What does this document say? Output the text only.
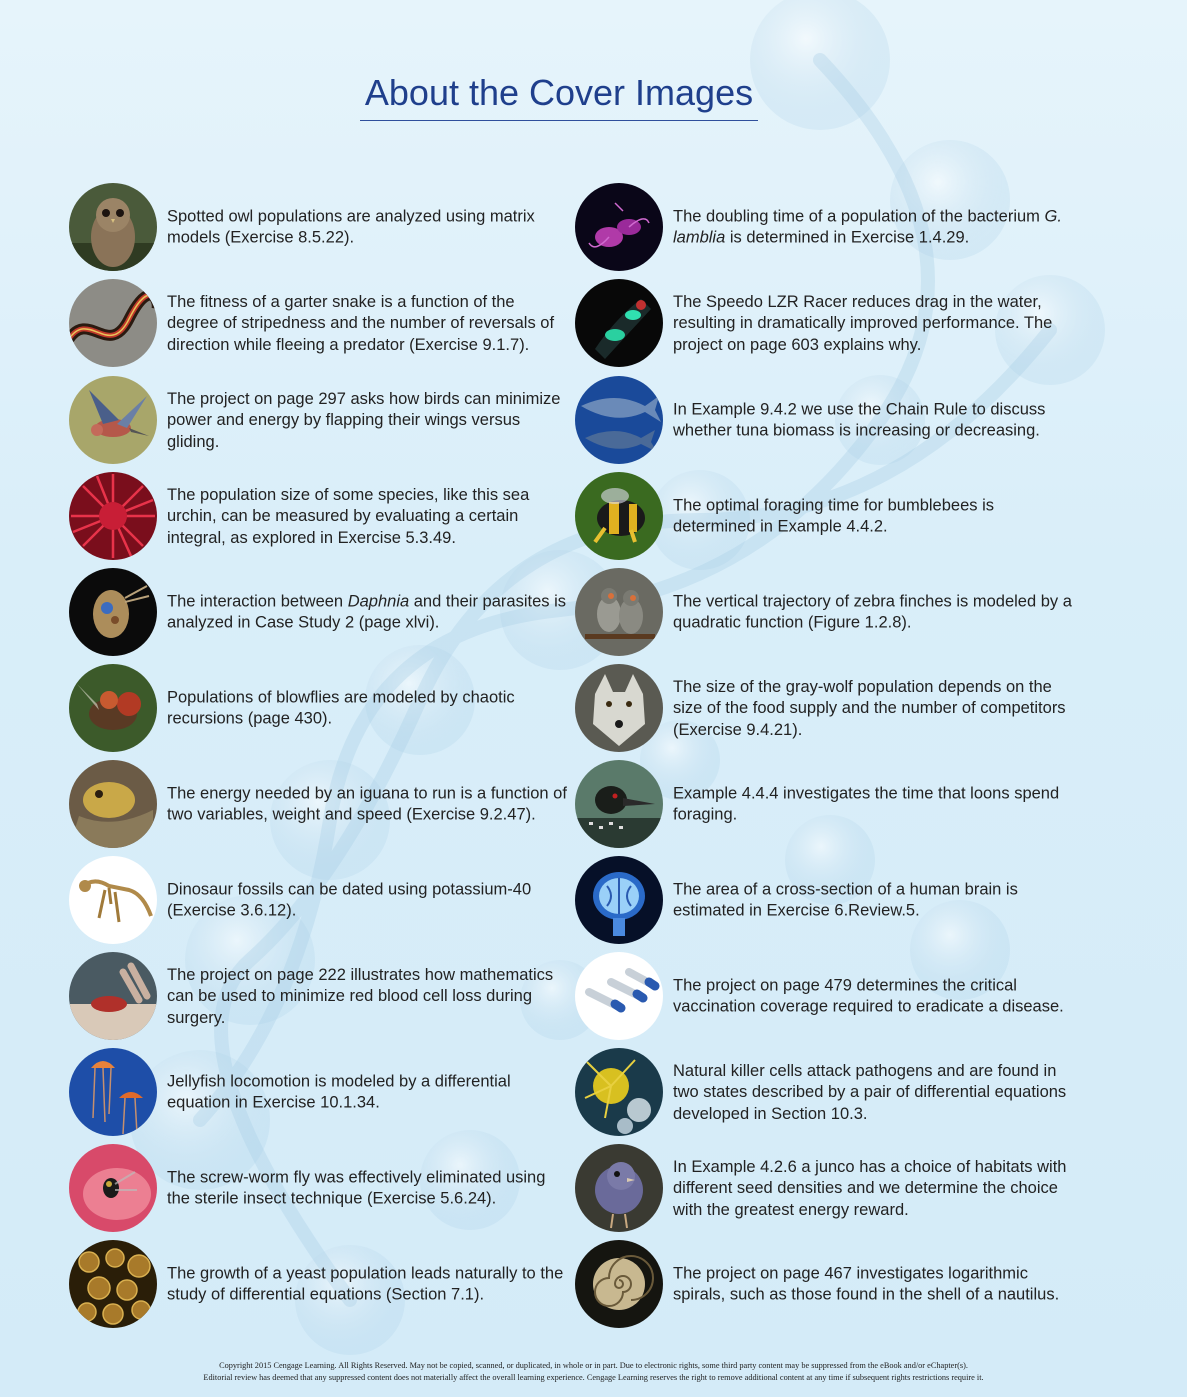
About the Cover Images
Spotted owl populations are analyzed using matrix models (Exercise 8.5.22).
The fitness of a garter snake is a function of the degree of stripedness and the number of reversals of direction while fleeing a predator (Exercise 9.1.7).
The project on page 297 asks how birds can minimize power and energy by flapping their wings versus gliding.
The population size of some species, like this sea urchin, can be measured by evaluating a certain integral, as explored in Exercise 5.3.49.
The interaction between Daphnia and their parasites is analyzed in Case Study 2 (page xlvi).
Populations of blowflies are modeled by chaotic recursions (page 430).
The energy needed by an iguana to run is a function of two variables, weight and speed (Exercise 9.2.47).
Dinosaur fossils can be dated using potassium-40 (Exercise 3.6.12).
The project on page 222 illustrates how mathematics can be used to minimize red blood cell loss during surgery.
Jellyfish locomotion is modeled by a differential equation in Exercise 10.1.34.
The screw-worm fly was effectively eliminated using the sterile insect technique (Exercise 5.6.24).
The growth of a yeast population leads naturally to the study of differential equations (Section 7.1).
The doubling time of a population of the bacterium G. lamblia is determined in Exercise 1.4.29.
The Speedo LZR Racer reduces drag in the water, resulting in dramatically improved performance. The project on page 603 explains why.
In Example 9.4.2 we use the Chain Rule to discuss whether tuna biomass is increasing or decreasing.
The optimal foraging time for bumblebees is determined in Example 4.4.2.
The vertical trajectory of zebra finches is modeled by a quadratic function (Figure 1.2.8).
The size of the gray-wolf population depends on the size of the food supply and the number of competitors (Exercise 9.4.21).
Example 4.4.4 investigates the time that loons spend foraging.
The area of a cross-section of a human brain is estimated in Exercise 6.Review.5.
The project on page 479 determines the critical vaccination coverage required to eradicate a disease.
Natural killer cells attack pathogens and are found in two states described by a pair of differential equations developed in Section 10.3.
In Example 4.2.6 a junco has a choice of habitats with different seed densities and we determine the choice with the greatest energy reward.
The project on page 467 investigates logarithmic spirals, such as those found in the shell of a nautilus.
Copyright 2015 Cengage Learning. All Rights Reserved. May not be copied, scanned, or duplicated, in whole or in part. Due to electronic rights, some third party content may be suppressed from the eBook and/or eChapter(s).
Editorial review has deemed that any suppressed content does not materially affect the overall learning experience. Cengage Learning reserves the right to remove additional content at any time if subsequent rights restrictions require it.
